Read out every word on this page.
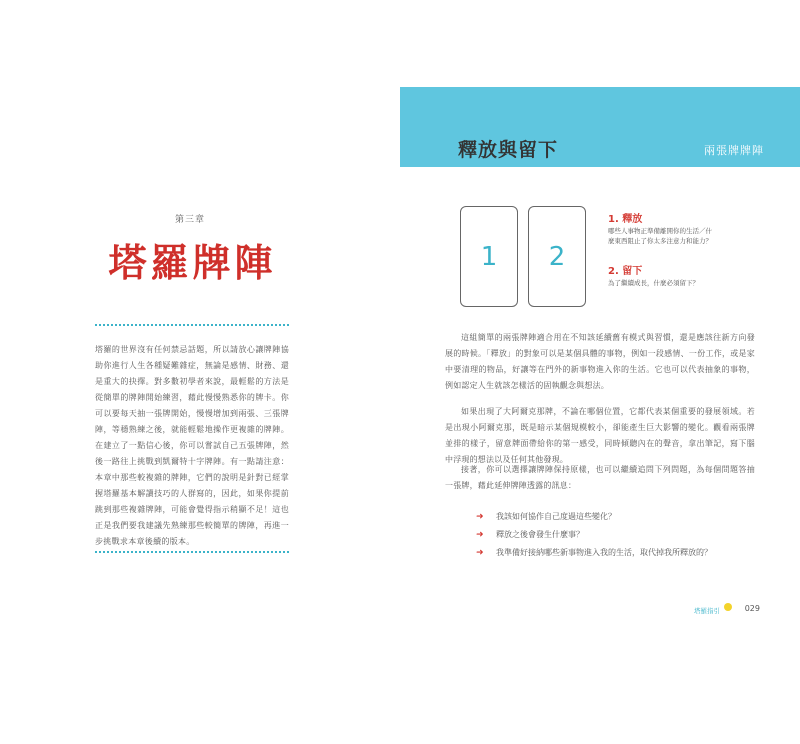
第三章
塔羅牌陣

塔羅的世界沒有任何禁忌話題，所以請放心讓牌陣協助你進行人生各種疑難雜症，無論是感情、財務、還是重大的抉擇。對多數初學者來說，最輕鬆的方法是從簡單的牌陣開始練習，藉此慢慢熟悉你的牌卡。你可以要每天抽一張牌開始，慢慢增加到兩張、三張牌陣，等穩熟練之後，就能輕鬆地操作更複雜的牌陣。在建立了一點信心後，你可以嘗試自己五張牌陣，然後一路往上挑戰到凱爾特十字牌陣。有一點請注意：本章中那些較複雜的牌陣，它們的說明是針對已經掌握塔羅基本解讀技巧的人群寫的，因此，如果你提前跳到那些複雜牌陣，可能會覺得指示稍顯不足！這也正是我們要我建議先熟練那些較簡單的牌陣，再進一步挑戰求本章後續的版本。

釋放與留下	兩張牌牌陣
1	2
1. 釋放
哪些人事物正準備離開你的生活／什麼東西阻止了你太多注意力和能力？
2. 留下
為了繼續成長，什麼必須留下？

這組簡單的兩張牌陣適合用在不知該延續舊有模式與習慣，還是應該往新方向發展的時候。「釋放」的對象可以是某個具體的事物，例如一段感情、一份工作，或是家中要清理的物品，好讓等在門外的新事物進入你的生活。它也可以代表抽象的事物，例如認定人生就該怎樣活的固執觀念與想法。

如果出現了大阿爾克那牌，不論在哪個位置，它都代表某個重要的發展領域。若是出現小阿爾克那，既是暗示某個規模較小，卻能產生巨大影響的變化。觀看兩張牌並排的樣子，留意牌面帶給你的第一感受，同時傾聽內在的聲音，拿出筆記，寫下腦中浮現的想法以及任何其他發現。

接著，你可以選擇讓牌陣保持原樣，也可以繼續追問下列問題，為每個問題答抽一張牌，藉此延伸牌陣透露的訊息：

➜	我該如何協作自己度過這些變化？
➜	釋放之後會發生什麼事？
➜	我準備好接納哪些新事物進入我的生活，取代掉我所釋放的？
塔羅指引	029
